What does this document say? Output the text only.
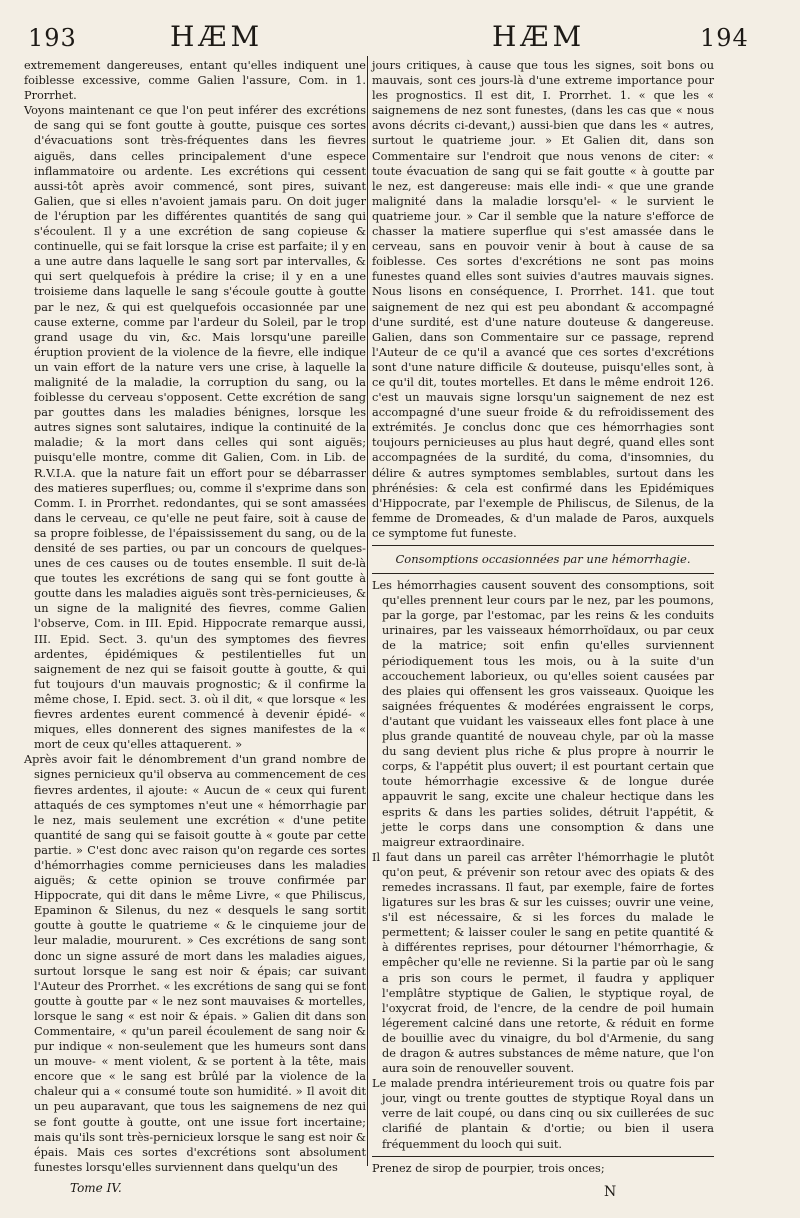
193	HÆM	HÆM	194

extremement dangereuses, entant qu'elles indiquent une foiblesse excessive, comme Galien l'assure, Com. in 1. Prorrhet.

Voyons maintenant ce que l'on peut inférer des excrétions de sang qui se font goutte à goutte, puisque ces sortes d'évacuations sont très-fréquentes dans les fievres aiguës, dans celles principalement d'une espece inflammatoire ou ardente. Les excrétions qui cessent aussi-tôt après avoir commencé, sont pires, suivant Galien, que si elles n'avoient jamais paru. On doit juger de l'éruption par les différentes quantités de sang qui s'écoulent. Il y a une excrétion de sang copieuse & continuelle, qui se fait lorsque la crise est parfaite; il y en a une autre dans laquelle le sang sort par intervalles, & qui sert quelquefois à prédire la crise; il y en a une troisieme dans laquelle le sang s'écoule goutte à goutte par le nez, & qui est quelquefois occasionnée par une cause externe, comme par l'ardeur du Soleil, par le trop grand usage du vin, &c. Mais lorsqu'une pareille éruption provient de la violence de la fievre, elle indique un vain effort de la nature vers une crise, à laquelle la malignité de la maladie, la corruption du sang, ou la foiblesse du cerveau s'opposent. Cette excrétion de sang par gouttes dans les maladies bénignes, lorsque les autres signes sont salutaires, indique la continuité de la maladie; & la mort dans celles qui sont aiguës; puisqu'elle montre, comme dit Galien, Com. in Lib. de R.V.I.A. que la nature fait un effort pour se débarrasser des matieres superflues; ou, comme il s'exprime dans son Comm. I. in Prorrhet. redondantes, qui se sont amassées dans le cerveau, ce qu'elle ne peut faire, soit à cause de sa propre foiblesse, de l'épaississement du sang, ou de la densité de ses parties, ou par un concours de quelques-unes de ces causes ou de toutes ensemble. Il suit de-là que toutes les excrétions de sang qui se font goutte à goutte dans les maladies aiguës sont très-pernicieuses, & un signe de la malignité des fievres, comme Galien l'observe, Com. in III. Epid. Hippocrate remarque aussi, III. Epid. Sect. 3. qu'un des symptomes des fievres ardentes, épidémiques & pestilentielles fut un saignement de nez qui se faisoit goutte à goutte, & qui fut toujours d'un mauvais prognostic; & il confirme la même chose, I. Epid. sect. 3. où il dit, « que lorsque « les fievres ardentes eurent commencé à devenir épidé- « miques, elles donnerent des signes manifestes de la « mort de ceux qu'elles attaquerent. »

Après avoir fait le dénombrement d'un grand nombre de signes pernicieux qu'il observa au commencement de ces fievres ardentes, il ajoute: « Aucun de « ceux qui furent attaqués de ces symptomes n'eut une « hémorrhagie par le nez, mais seulement une excrétion « d'une petite quantité de sang qui se faisoit goutte à « goute par cette partie. » C'est donc avec raison qu'on regarde ces sortes d'hémorrhagies comme pernicieuses dans les maladies aiguës; & cette opinion se trouve confirmée par Hippocrate, qui dit dans le même Livre, « que Philiscus, Epaminon & Silenus, du nez « desquels le sang sortit goutte à goutte le quatrieme « & le cinquieme jour de leur maladie, moururent. » Ces excrétions de sang sont donc un signe assuré de mort dans les maladies aigues, surtout lorsque le sang est noir & épais; car suivant l'Auteur des Prorrhet. « les excrétions de sang qui se font goutte à goutte par « le nez sont mauvaises & mortelles, lorsque le sang « est noir & épais. » Galien dit dans son Commentaire, « qu'un pareil écoulement de sang noir & pur indique « non-seulement que les humeurs sont dans un mouve- « ment violent, & se portent à la tête, mais encore que « le sang est brûlé par la violence de la chaleur qui a « consumé toute son humidité. » Il avoit dit un peu auparavant, que tous les saignemens de nez qui se font goutte à goutte, ont une issue fort incertaine; mais qu'ils sont très-pernicieux lorsque le sang est noir & épais. Mais ces sortes d'excrétions sont absolument funestes lorsqu'elles surviennent dans quelqu'un des

jours critiques, à cause que tous les signes, soit bons ou mauvais, sont ces jours-là d'une extreme importance pour les prognostics. Il est dit, I. Prorrhet. 1. « que les « saignemens de nez sont funestes, (dans les cas que « nous avons décrits ci-devant,) aussi-bien que dans les « autres, surtout le quatrieme jour. » Et Galien dit, dans son Commentaire sur l'endroit que nous venons de citer: « toute évacuation de sang qui se fait goutte « à goutte par le nez, est dangereuse: mais elle indi- « que une grande malignité dans la maladie lorsqu'el- « le survient le quatrieme jour. » Car il semble que la nature s'efforce de chasser la matiere superflue qui s'est amassée dans le cerveau, sans en pouvoir venir à bout à cause de sa foiblesse. Ces sortes d'excrétions ne sont pas moins funestes quand elles sont suivies d'autres mauvais signes. Nous lisons en conséquence, I. Prorrhet. 141. que tout saignement de nez qui est peu abondant & accompagné d'une surdité, est d'une nature douteuse & dangereuse. Galien, dans son Commentaire sur ce passage, reprend l'Auteur de ce qu'il a avancé que ces sortes d'excrétions sont d'une nature difficile & douteuse, puisqu'elles sont, à ce qu'il dit, toutes mortelles. Et dans le même endroit 126. c'est un mauvais signe lorsqu'un saignement de nez est accompagné d'une sueur froide & du refroidissement des extrémités. Je conclus donc que ces hémorrhagies sont toujours pernicieuses au plus haut degré, quand elles sont accompagnées de la surdité, du coma, d'insomnies, du délire & autres symptomes semblables, surtout dans les phrénésies: & cela est confirmé dans les Epidémiques d'Hippocrate, par l'exemple de Philiscus, de Silenus, de la femme de Dromeades, & d'un malade de Paros, auxquels ce symptome fut funeste.

Consomptions occasionnées par une hémorrhagie.

Les hémorrhagies causent souvent des consomptions, soit qu'elles prennent leur cours par le nez, par les poumons, par la gorge, par l'estomac, par les reins & les conduits urinaires, par les vaisseaux hémorrhoïdaux, ou par ceux de la matrice; soit enfin qu'elles surviennent périodiquement tous les mois, ou à la suite d'un accouchement laborieux, ou qu'elles soient causées par des plaies qui offensent les gros vaisseaux. Quoique les saignées fréquentes & modérées engraissent le corps, d'autant que vuidant les vaisseaux elles font place à une plus grande quantité de nouveau chyle, par où la masse du sang devient plus riche & plus propre à nourrir le corps, & l'appétit plus ouvert; il est pourtant certain que toute hémorrhagie excessive & de longue durée appauvrit le sang, excite une chaleur hectique dans les esprits & dans les parties solides, détruit l'appétit, & jette le corps dans une consomption & dans une maigreur extraordinaire.

Il faut dans un pareil cas arrêter l'hémorrhagie le plutôt qu'on peut, & prévenir son retour avec des opiats & des remedes incrassans. Il faut, par exemple, faire de fortes ligatures sur les bras & sur les cuisses; ouvrir une veine, s'il est nécessaire, & si les forces du malade le permettent; & laisser couler le sang en petite quantité & à différentes reprises, pour détourner l'hémorrhagie, & empêcher qu'elle ne revienne. Si la partie par où le sang a pris son cours le permet, il faudra y appliquer l'emplâtre styptique de Galien, le styptique royal, de l'oxycrat froid, de l'encre, de la cendre de poil humain légerement calciné dans une retorte, & réduit en forme de bouillie avec du vinaigre, du bol d'Armenie, du sang de dragon & autres substances de même nature, que l'on aura soin de renouveller souvent.

Le malade prendra intérieurement trois ou quatre fois par jour, vingt ou trente gouttes de styptique Royal dans un verre de lait coupé, ou dans cinq ou six cuillerées de suc clarifié de plantain & d'ortie; ou bien il usera fréquemment du looch qui suit.

Prenez de sirop de pourpier, trois onces;

Tome IV.	N
